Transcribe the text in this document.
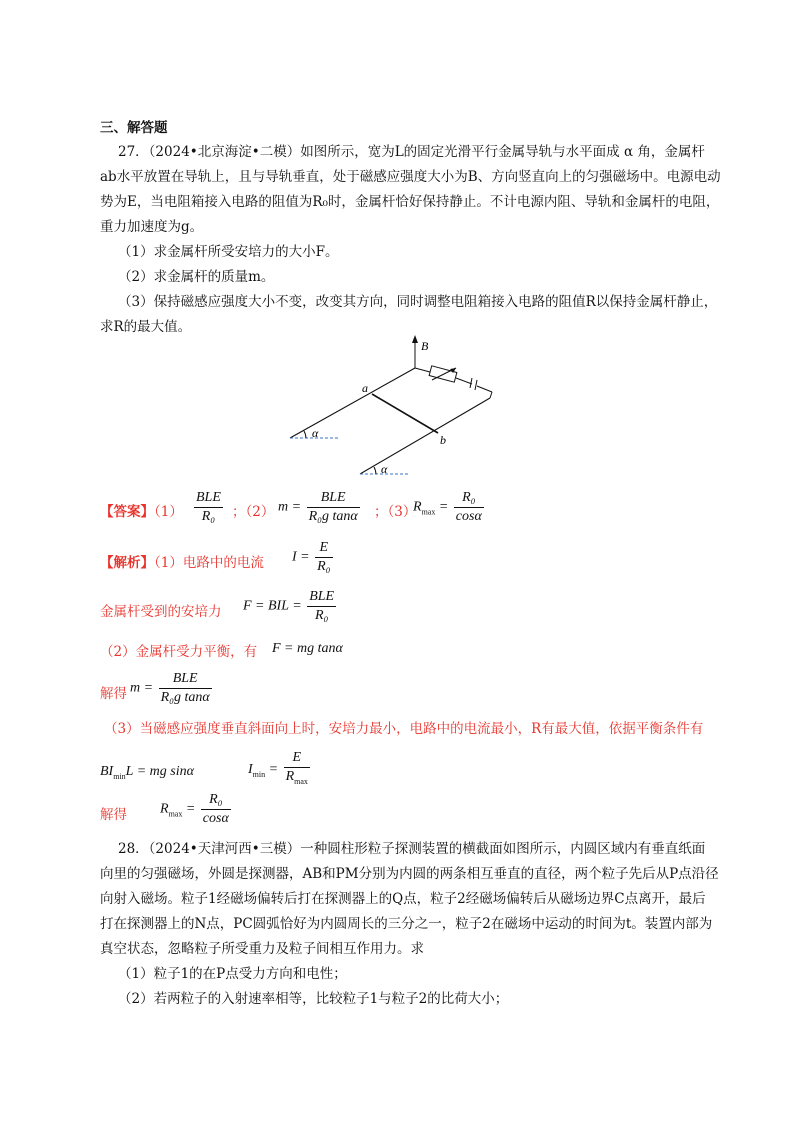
三、解答题
27．（2024•北京海淀•二模）如图所示，宽为L的固定光滑平行金属导轨与水平面成 α 角，金属杆
ab水平放置在导轨上，且与导轨垂直，处于磁感应强度大小为B、方向竖直向上的匀强磁场中。电源电动
势为E，当电阻箱接入电路的阻值为R₀时，金属杆恰好保持静止。不计电源内阻、导轨和金属杆的电阻，
重力加速度为g。
（1）求金属杆所受安培力的大小F。
（2）求金属杆的质量m。
（3）保持磁感应强度大小不变，改变其方向，同时调整电阻箱接入电路的阻值R以保持金属杆静止，
求R的最大值。
B
a
b
α
α
【答案】$(1) \frac{\text{BLE}}{\text{R₀}}$ ；（2） $m = \frac{\text{BLE}}{\text{R₀g tanα}}$ ；（3）
$R_{max} = \frac{\text{R₀}}{\cos\alpha}$
【解析】（1）电路中的电流 $I = \frac{E}{\text{R₀}}$
金属杆受到的安培力 F = BIL = $\frac{\text{BLE}}{\text{R₀}}$
（2）金属杆受力平衡，有 F = mg tanα
解得 $m = \frac{\text{BLE}}{\text{R₀g tanα}}$
（3）当磁感应强度垂直斜面向上时，安培力最小，电路中的电流最小，R有最大值，依据平衡条件有
$BI_{min}L$ = mg sinα	$I_{min} = \frac{E}{R_{max}}$
解得 $R_{max} = \frac{\text{R₀}}{\cos\alpha}$
28．（2024•天津河西•三模）一种圆柱形粒子探测装置的横截面如图所示，内圆区域内有垂直纸面
向里的匀强磁场，外圆是探测器，AB和PM分别为内圆的两条相互垂直的直径，两个粒子先后从P点沿径
向射入磁场。粒子1经磁场偏转后打在探测器上的Q点，粒子2经磁场偏转后从磁场边界C点离开，最后
打在探测器上的N点，PC圆弧恰好为内圆周长的三分之一，粒子2在磁场中运动的时间为t。装置内部为
真空状态，忽略粒子所受重力及粒子间相互作用力。求
（1）粒子1的在P点受力方向和电性；
（2）若两粒子的入射速率相等，比较粒子1与粒子2的比荷大小；
